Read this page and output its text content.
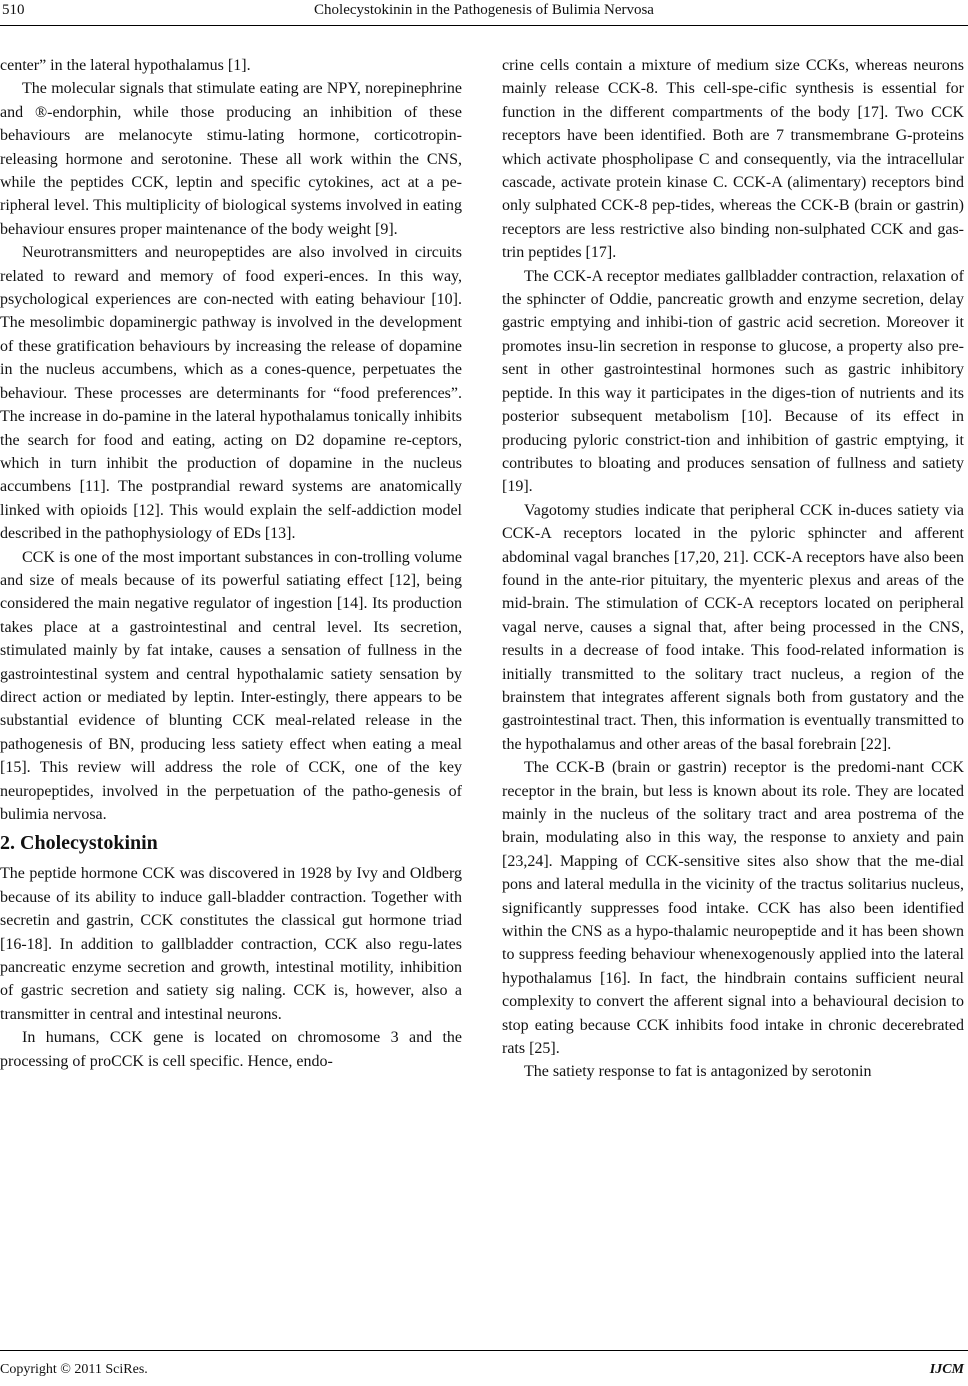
510	Cholecystokinin in the Pathogenesis of Bulimia Nervosa

center” in the lateral hypothalamus [1].

The molecular signals that stimulate eating are NPY, norepinephrine and ®-endorphin, while those producing an inhibition of these behaviours are melanocyte stimu-lating hormone, corticotropin-releasing hormone and serotonine. These all work within the CNS, while the peptides CCK, leptin and specific cytokines, act at a pe-ripheral level. This multiplicity of biological systems involved in eating behaviour ensures proper maintenance of the body weight [9].

Neurotransmitters and neuropeptides are also involved in circuits related to reward and memory of food experi-ences. In this way, psychological experiences are con-nected with eating behaviour [10]. The mesolimbic dopaminergic pathway is involved in the development of these gratification behaviours by increasing the release of dopamine in the nucleus accumbens, which as a cones-quence, perpetuates the behaviour. These processes are determinants for “food preferences”. The increase in do-pamine in the lateral hypothalamus tonically inhibits the search for food and eating, acting on D2 dopamine re-ceptors, which in turn inhibit the production of dopamine in the nucleus accumbens [11]. The postprandial reward systems are anatomically linked with opioids [12]. This would explain the self-addiction model described in the pathophysiology of EDs [13].

CCK is one of the most important substances in con-trolling volume and size of meals because of its powerful satiating effect [12], being considered the main negative regulator of ingestion [14]. Its production takes place at a gastrointestinal and central level. Its secretion, stimulated mainly by fat intake, causes a sensation of fullness in the gastrointestinal system and central hypothalamic satiety sensation by direct action or mediated by leptin. Inter-estingly, there appears to be substantial evidence of blunting CCK meal-related release in the pathogenesis of BN, producing less satiety effect when eating a meal [15]. This review will address the role of CCK, one of the key neuropeptides, involved in the perpetuation of the patho-genesis of bulimia nervosa.

2. Cholecystokinin

The peptide hormone CCK was discovered in 1928 by Ivy and Oldberg because of its ability to induce gall-bladder contraction. Together with secretin and gastrin, CCK constitutes the classical gut hormone triad [16-18]. In addition to gallbladder contraction, CCK also regu-lates pancreatic enzyme secretion and growth, intestinal motility, inhibition of gastric secretion and satiety sig naling. CCK is, however, also a transmitter in central and intestinal neurons.

In humans, CCK gene is located on chromosome 3 and the processing of proCCK is cell specific. Hence, endo-

crine cells contain a mixture of medium size CCKs, whereas neurons mainly release CCK-8. This cell-spe-cific synthesis is essential for function in the different compartments of the body [17]. Two CCK receptors have been identified. Both are 7 transmembrane G-proteins which activate phospholipase C and consequently, via the intracellular cascade, activate protein kinase C. CCK-A (alimentary) receptors bind only sulphated CCK-8 pep-tides, whereas the CCK-B (brain or gastrin) receptors are less restrictive also binding non-sulphated CCK and gas-trin peptides [17].

The CCK-A receptor mediates gallbladder contraction, relaxation of the sphincter of Oddie, pancreatic growth and enzyme secretion, delay gastric emptying and inhibi-tion of gastric acid secretion. Moreover it promotes insu-lin secretion in response to glucose, a property also pre-sent in other gastrointestinal hormones such as gastric inhibitory peptide. In this way it participates in the diges-tion of nutrients and its posterior subsequent metabolism [10]. Because of its effect in producing pyloric constrict-tion and inhibition of gastric emptying, it contributes to bloating and produces sensation of fullness and satiety [19].

Vagotomy studies indicate that peripheral CCK in-duces satiety via CCK-A receptors located in the pyloric sphincter and afferent abdominal vagal branches [17,20, 21]. CCK-A receptors have also been found in the ante-rior pituitary, the myenteric plexus and areas of the mid-brain. The stimulation of CCK-A receptors located on peripheral vagal nerve, causes a signal that, after being processed in the CNS, results in a decrease of food intake. This food-related information is initially transmitted to the solitary tract nucleus, a region of the brainstem that integrates afferent signals both from gustatory and the gastrointestinal tract. Then, this information is eventually transmitted to the hypothalamus and other areas of the basal forebrain [22].

The CCK-B (brain or gastrin) receptor is the predomi-nant CCK receptor in the brain, but less is known about its role. They are located mainly in the nucleus of the solitary tract and area postrema of the brain, modulating also in this way, the response to anxiety and pain [23,24]. Mapping of CCK-sensitive sites also show that the me-dial pons and lateral medulla in the vicinity of the tractus solitarius nucleus, significantly suppresses food intake. CCK has also been identified within the CNS as a hypo-thalamic neuropeptide and it has been shown to suppress feeding behaviour whenexogenously applied into the lateral hypothalamus [16]. In fact, the hindbrain contains sufficient neural complexity to convert the afferent signal into a behavioural decision to stop eating because CCK inhibits food intake in chronic decerebrated rats [25].

The satiety response to fat is antagonized by serotonin

Copyright © 2011 SciRes.	IJCM
